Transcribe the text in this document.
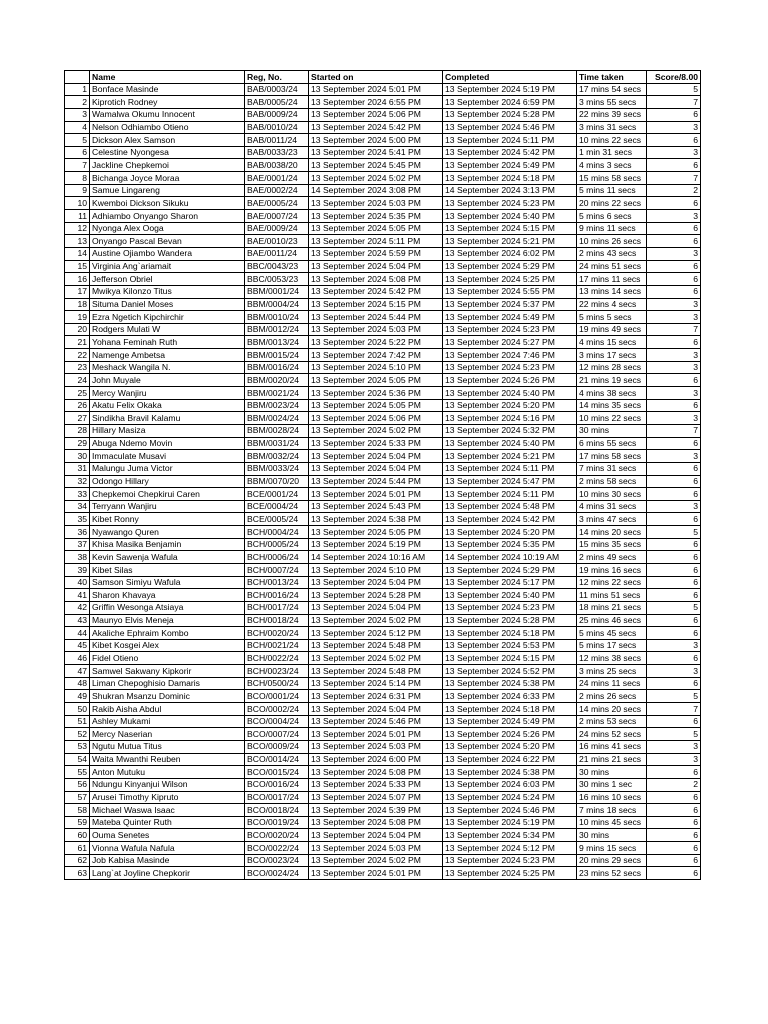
	Name	Reg, No.	Started on	Completed	Time taken	Score/8.00
1	Bonface Masinde	BAB/0003/24	13 September 2024 5:01 PM	13 September 2024 5:19 PM	17 mins 54 secs	5
2	Kiprotich Rodney	BAB/0005/24	13 September 2024 6:55 PM	13 September 2024 6:59 PM	3 mins 55 secs	7
3	Wamalwa Okumu Innocent	BAB/0009/24	13 September 2024 5:06 PM	13 September 2024 5:28 PM	22 mins 39 secs	6
4	Nelson Odhiambo Otieno	BAB/0010/24	13 September 2024 5:42 PM	13 September 2024 5:46 PM	3 mins 31 secs	3
5	Dickson Alex Samson	BAB/0011/24	13 September 2024 5:00 PM	13 September 2024 5:11 PM	10 mins 22 secs	6
6	Celestine Nyongesa	BAB/0033/23	13 September 2024 5:41 PM	13 September 2024 5:42 PM	1 min 31 secs	3
7	Jackline Chepkemoi	BAB/0038/20	13 September 2024 5:45 PM	13 September 2024 5:49 PM	4 mins 3 secs	6
8	Bichanga Joyce Moraa	BAE/0001/24	13 September 2024 5:02 PM	13 September 2024 5:18 PM	15 mins 58 secs	7
9	Samue Lingareng	BAE/0002/24	14 September 2024 3:08 PM	14 September 2024 3:13 PM	5 mins 11 secs	2
10	Kwemboi Dickson Sikuku	BAE/0005/24	13 September 2024 5:03 PM	13 September 2024 5:23 PM	20 mins 22 secs	6
11	Adhiambo Onyango Sharon	BAE/0007/24	13 September 2024 5:35 PM	13 September 2024 5:40 PM	5 mins 6 secs	3
12	Nyonga Alex Ooga	BAE/0009/24	13 September 2024 5:05 PM	13 September 2024 5:15 PM	9 mins 11 secs	6
13	Onyango Pascal Bevan	BAE/0010/23	13 September 2024 5:11 PM	13 September 2024 5:21 PM	10 mins 26 secs	6
14	Austine Ojiambo Wandera	BAE/0011/24	13 September 2024 5:59 PM	13 September 2024 6:02 PM	2 mins 43 secs	3
15	Virginia Ang`ariamait	BBC/0043/23	13 September 2024 5:04 PM	13 September 2024 5:29 PM	24 mins 51 secs	6
16	Jefferson Obriel	BBC/0053/23	13 September 2024 5:08 PM	13 September 2024 5:25 PM	17 mins 11 secs	6
17	Mwikya Kilonzo Titus	BBM/0001/24	13 September 2024 5:42 PM	13 September 2024 5:55 PM	13 mins 14 secs	6
18	Situma Daniel Moses	BBM/0004/24	13 September 2024 5:15 PM	13 September 2024 5:37 PM	22 mins 4 secs	3
19	Ezra Ngetich Kipchirchir	BBM/0010/24	13 September 2024 5:44 PM	13 September 2024 5:49 PM	5 mins 5 secs	3
20	Rodgers Mulati W	BBM/0012/24	13 September 2024 5:03 PM	13 September 2024 5:23 PM	19 mins 49 secs	7
21	Yohana Feminah Ruth	BBM/0013/24	13 September 2024 5:22 PM	13 September 2024 5:27 PM	4 mins 15 secs	6
22	Namenge Ambetsa	BBM/0015/24	13 September 2024 7:42 PM	13 September 2024 7:46 PM	3 mins 17 secs	3
23	Meshack Wangila N.	BBM/0016/24	13 September 2024 5:10 PM	13 September 2024 5:23 PM	12 mins 28 secs	3
24	John Muyale	BBM/0020/24	13 September 2024 5:05 PM	13 September 2024 5:26 PM	21 mins 19 secs	6
25	Mercy Wanjiru	BBM/0021/24	13 September 2024 5:36 PM	13 September 2024 5:40 PM	4 mins 38 secs	3
26	Akatu Felix Okaka	BBM/0023/24	13 September 2024 5:05 PM	13 September 2024 5:20 PM	14 mins 35 secs	6
27	Sindikha Bravil Kalamu	BBM/0024/24	13 September 2024 5:06 PM	13 September 2024 5:16 PM	10 mins 22 secs	3
28	Hillary Masiza	BBM/0028/24	13 September 2024 5:02 PM	13 September 2024 5:32 PM	30 mins	7
29	Abuga Ndemo Movin	BBM/0031/24	13 September 2024 5:33 PM	13 September 2024 5:40 PM	6 mins 55 secs	6
30	Immaculate Musavi	BBM/0032/24	13 September 2024 5:04 PM	13 September 2024 5:21 PM	17 mins 58 secs	3
31	Malungu Juma Victor	BBM/0033/24	13 September 2024 5:04 PM	13 September 2024 5:11 PM	7 mins 31 secs	6
32	Odongo Hillary	BBM/0070/20	13 September 2024 5:44 PM	13 September 2024 5:47 PM	2 mins 58 secs	6
33	Chepkemoi Chepkirui Caren	BCE/0001/24	13 September 2024 5:01 PM	13 September 2024 5:11 PM	10 mins 30 secs	6
34	Terryann Wanjiru	BCE/0004/24	13 September 2024 5:43 PM	13 September 2024 5:48 PM	4 mins 31 secs	3
35	Kibet Ronny	BCE/0005/24	13 September 2024 5:38 PM	13 September 2024 5:42 PM	3 mins 47 secs	6
36	Nyawango Quren	BCH/0004/24	13 September 2024 5:05 PM	13 September 2024 5:20 PM	14 mins 20 secs	5
37	Khisa Masika Benjamin	BCH/0005/24	13 September 2024 5:19 PM	13 September 2024 5:35 PM	15 mins 35 secs	6
38	Kevin Sawenja Wafula	BCH/0006/24	14 September 2024 10:16 AM	14 September 2024 10:19 AM	2 mins 49 secs	6
39	Kibet Silas	BCH/0007/24	13 September 2024 5:10 PM	13 September 2024 5:29 PM	19 mins 16 secs	6
40	Samson Simiyu Wafula	BCH/0013/24	13 September 2024 5:04 PM	13 September 2024 5:17 PM	12 mins 22 secs	6
41	Sharon Khavaya	BCH/0016/24	13 September 2024 5:28 PM	13 September 2024 5:40 PM	11 mins 51 secs	6
42	Griffin Wesonga Atsiaya	BCH/0017/24	13 September 2024 5:04 PM	13 September 2024 5:23 PM	18 mins 21 secs	5
43	Maunyo Elvis Meneja	BCH/0018/24	13 September 2024 5:02 PM	13 September 2024 5:28 PM	25 mins 46 secs	6
44	Akaliche Ephraim Kombo	BCH/0020/24	13 September 2024 5:12 PM	13 September 2024 5:18 PM	5 mins 45 secs	6
45	Kibet Kosgei Alex	BCH/0021/24	13 September 2024 5:48 PM	13 September 2024 5:53 PM	5 mins 17 secs	3
46	Fidel Otieno	BCH/0022/24	13 September 2024 5:02 PM	13 September 2024 5:15 PM	12 mins 38 secs	6
47	Samwel Sakwany Kipkorir	BCH/0023/24	13 September 2024 5:48 PM	13 September 2024 5:52 PM	3 mins 25 secs	3
48	Liman Chepoghisio Damaris	BCH/0500/24	13 September 2024 5:14 PM	13 September 2024 5:38 PM	24 mins 11 secs	6
49	Shukran Msanzu Dominic	BCO/0001/24	13 September 2024 6:31 PM	13 September 2024 6:33 PM	2 mins 26 secs	5
50	Rakib Aisha Abdul	BCO/0002/24	13 September 2024 5:04 PM	13 September 2024 5:18 PM	14 mins 20 secs	7
51	Ashley Mukami	BCO/0004/24	13 September 2024 5:46 PM	13 September 2024 5:49 PM	2 mins 53 secs	6
52	Mercy Naserian	BCO/0007/24	13 September 2024 5:01 PM	13 September 2024 5:26 PM	24 mins 52 secs	5
53	Ngutu Mutua Titus	BCO/0009/24	13 September 2024 5:03 PM	13 September 2024 5:20 PM	16 mins 41 secs	3
54	Waita Mwanthi Reuben	BCO/0014/24	13 September 2024 6:00 PM	13 September 2024 6:22 PM	21 mins 21 secs	3
55	Anton Mutuku	BCO/0015/24	13 September 2024 5:08 PM	13 September 2024 5:38 PM	30 mins	6
56	Ndungu Kinyanjui Wilson	BCO/0016/24	13 September 2024 5:33 PM	13 September 2024 6:03 PM	30 mins 1 sec	2
57	Arusei Timothy Kipruto	BCO/0017/24	13 September 2024 5:07 PM	13 September 2024 5:24 PM	16 mins 10 secs	6
58	Michael Waswa Isaac	BCO/0018/24	13 September 2024 5:39 PM	13 September 2024 5:46 PM	7 mins 18 secs	6
59	Mateba Quinter Ruth	BCO/0019/24	13 September 2024 5:08 PM	13 September 2024 5:19 PM	10 mins 45 secs	6
60	Ouma Senetes	BCO/0020/24	13 September 2024 5:04 PM	13 September 2024 5:34 PM	30 mins	6
61	Vionna Wafula Nafula	BCO/0022/24	13 September 2024 5:03 PM	13 September 2024 5:12 PM	9 mins 15 secs	6
62	Job Kabisa Masinde	BCO/0023/24	13 September 2024 5:02 PM	13 September 2024 5:23 PM	20 mins 29 secs	6
63	Lang`at Joyline Chepkorir	BCO/0024/24	13 September 2024 5:01 PM	13 September 2024 5:25 PM	23 mins 52 secs	6
